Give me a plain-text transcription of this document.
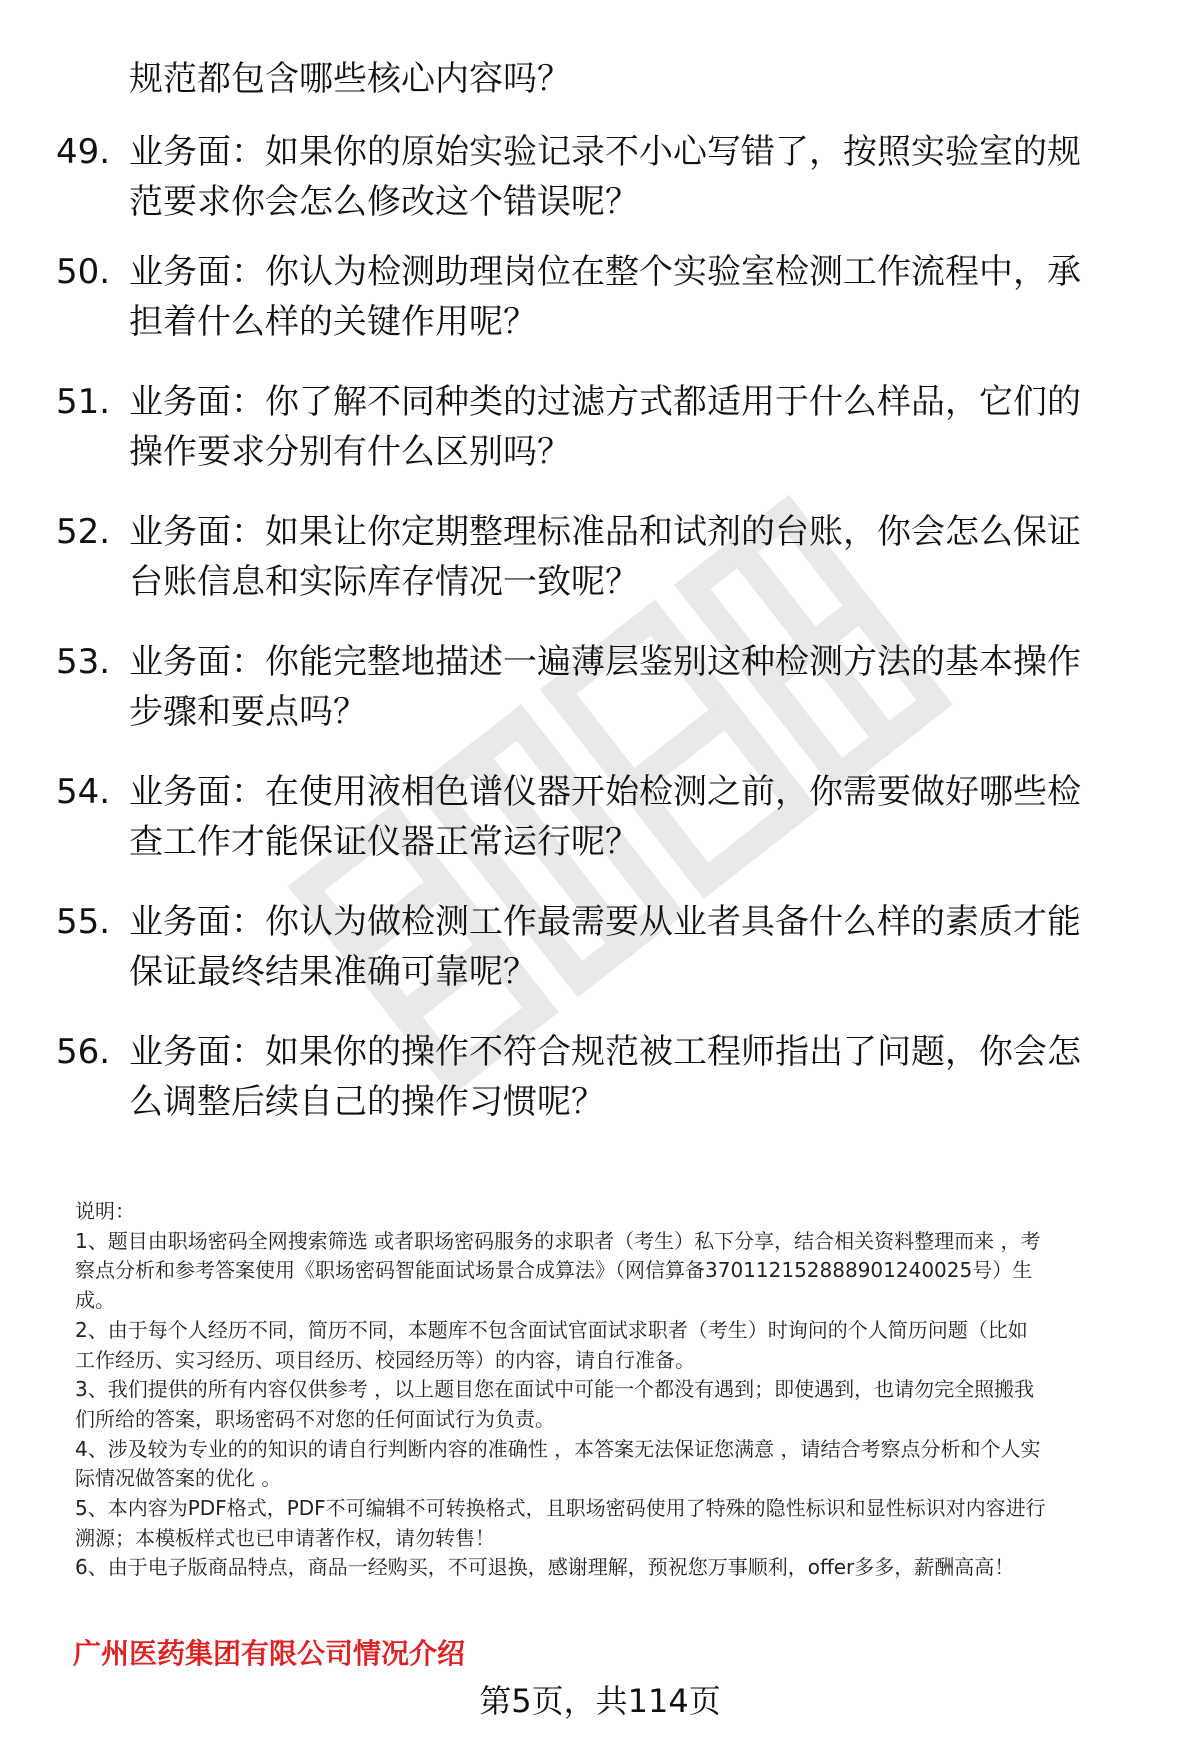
规范都包含哪些核心内容吗？
49. 业务面：如果你的原始实验记录不小心写错了，按照实验室的规
范要求你会怎么修改这个错误呢？
50. 业务面：你认为检测助理岗位在整个实验室检测工作流程中，承
担着什么样的关键作用呢？
51. 业务面：你了解不同种类的过滤方式都适用于什么样品，它们的
操作要求分别有什么区别吗？
52. 业务面：如果让你定期整理标准品和试剂的台账，你会怎么保证
台账信息和实际库存情况一致呢？
53. 业务面：你能完整地描述一遍薄层鉴别这种检测方法的基本操作
步骤和要点吗？
54. 业务面：在使用液相色谱仪器开始检测之前，你需要做好哪些检
查工作才能保证仪器正常运行呢？
55. 业务面：你认为做检测工作最需要从业者具备什么样的素质才能
保证最终结果准确可靠呢？
56. 业务面：如果你的操作不符合规范被工程师指出了问题，你会怎
么调整后续自己的操作习惯呢？
说明：
1、题目由职场密码全网搜索筛选 或者职场密码服务的求职者（考生）私下分享，结合相关资料整理而来 ，考
察点分析和参考答案使用《职场密码智能面试场景合成算法》（网信算备370112152888901240025号）生
成。
2、由于每个人经历不同，简历不同，本题库不包含面试官面试求职者（考生）时询问的个人简历问题（比如
工作经历、实习经历、项目经历、校园经历等）的内容，请自行准备。
3、我们提供的所有内容仅供参考 ，以上题目您在面试中可能一个都没有遇到；即使遇到，也请勿完全照搬我
们所给的答案，职场密码不对您的任何面试行为负责。
4、涉及较为专业的的知识的请自行判断内容的准确性 ，本答案无法保证您满意 ，请结合考察点分析和个人实
际情况做答案的优化 。
5、本内容为PDF格式，PDF不可编辑不可转换格式，且职场密码使用了特殊的隐性标识和显性标识对内容进行
溯源；本模板样式也已申请著作权，请勿转售！
6、由于电子版商品特点，商品一经购买，不可退换，感谢理解，预祝您万事顺利，offer多多，薪酬高高！
广州医药集团有限公司情况介绍
第5页，共114页
